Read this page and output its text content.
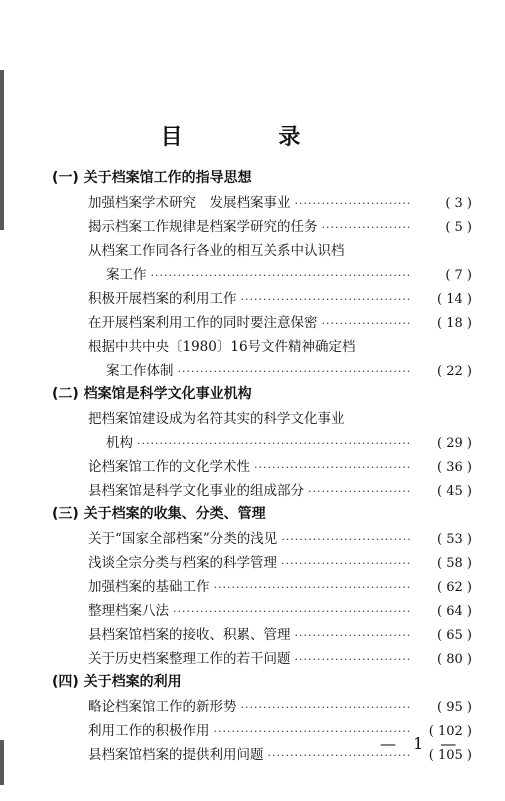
目 录
(一) 关于档案馆工作的指导思想
加强档案学术研究　发展档案事业 ·····	( 3 )
揭示档案工作规律是档案学研究的任务 ·····	( 5 )
从档案工作同各行各业的相互关系中认识档
案工作 ·····	( 7 )
积极开展档案的利用工作 ·····	( 14 )
在开展档案利用工作的同时要注意保密 ·····	( 18 )
根据中共中央〔1980〕16号文件精神确定档
案工作体制 ·····	( 22 )
(二) 档案馆是科学文化事业机构
把档案馆建设成为名符其实的科学文化事业
机构 ·····	( 29 )
论档案馆工作的文化学术性 ·····	( 36 )
县档案馆是科学文化事业的组成部分 ·····	( 45 )
(三) 关于档案的收集、分类、管理
关于“国家全部档案”分类的浅见 ·····	( 53 )
浅谈全宗分类与档案的科学管理 ·····	( 58 )
加强档案的基础工作 ·····	( 62 )
整理档案八法 ·····	( 64 )
县档案馆档案的接收、积累、管理 ·····	( 65 )
关于历史档案整理工作的若干问题 ·····	( 80 )
(四) 关于档案的利用
略论档案馆工作的新形势 ·····	( 95 )
利用工作的积极作用 ·····	( 102 )
县档案馆档案的提供利用问题 ·····	( 105 )
— 1 —
